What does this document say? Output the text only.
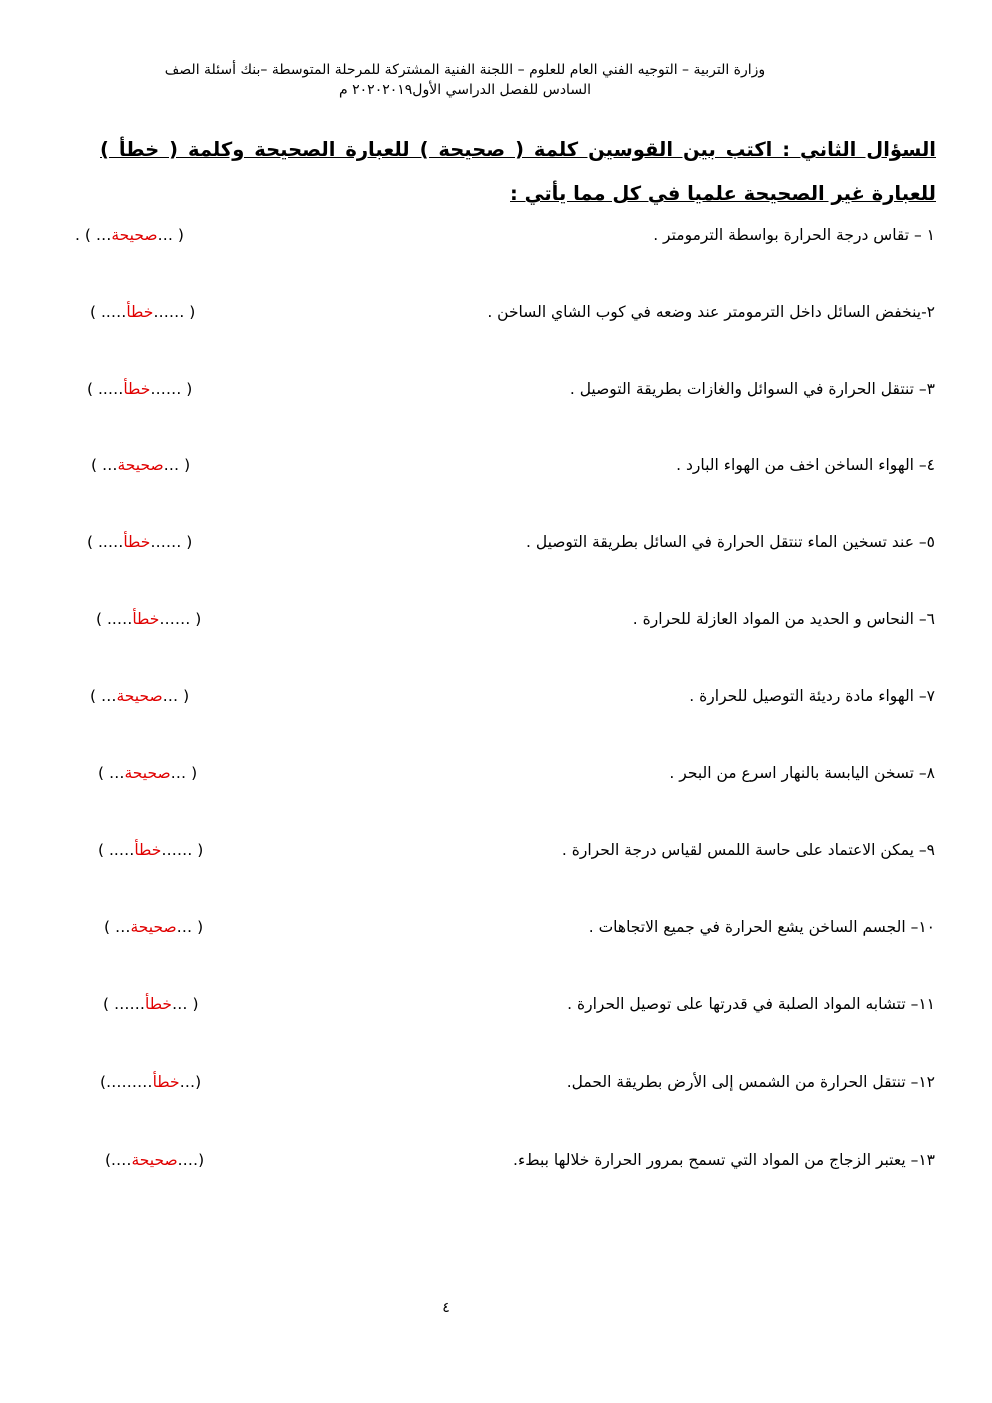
وزارة التربية – التوجيه الفني العام للعلوم – اللجنة الفنية المشتركة للمرحلة المتوسطة –بنك أسئلة الصف
السادس للفصل الدراسي الأول٢٠٢٠٢٠١٩ م
السؤال الثاني : اكتب بين القوسين كلمة ( صحيحة ) للعبارة الصحيحة وكلمة ( خطأ ) للعبارة غير الصحيحة علميا في كل مما يأتي :
١ – تقاس درجة الحرارة بواسطة الترمومتر .
( …صحيحة… ) .
٢-ينخفض السائل داخل الترمومتر عند وضعه في كوب الشاي الساخن .
( ……خطأ….. )
٣– تنتقل الحرارة في السوائل والغازات بطريقة التوصيل .
( ……خطأ….. )
٤– الهواء الساخن اخف من الهواء البارد .
( …صحيحة… )
٥– عند تسخين الماء تنتقل الحرارة في السائل بطريقة التوصيل .
( ……خطأ….. )
٦– النحاس و الحديد من المواد العازلة للحرارة .
( ……خطأ….. )
٧– الهواء مادة رديئة التوصيل للحرارة .
( …صحيحة… )
٨– تسخن اليابسة بالنهار اسرع من البحر .
( …صحيحة… )
٩– يمكن الاعتماد على حاسة اللمس لقياس درجة الحرارة .
( ……خطأ….. )
١٠– الجسم الساخن يشع الحرارة في جميع الاتجاهات .
( …صحيحة… )
١١– تتشابه المواد الصلبة في قدرتها على توصيل الحرارة .
( …خطأ…… )
١٢– تنتقل الحرارة من الشمس إلى الأرض بطريقة الحمل.
(…خطأ………)
١٣– يعتبر الزجاج من المواد التي تسمح بمرور الحرارة خلالها ببطء.
(….صحيحة….)
٤
